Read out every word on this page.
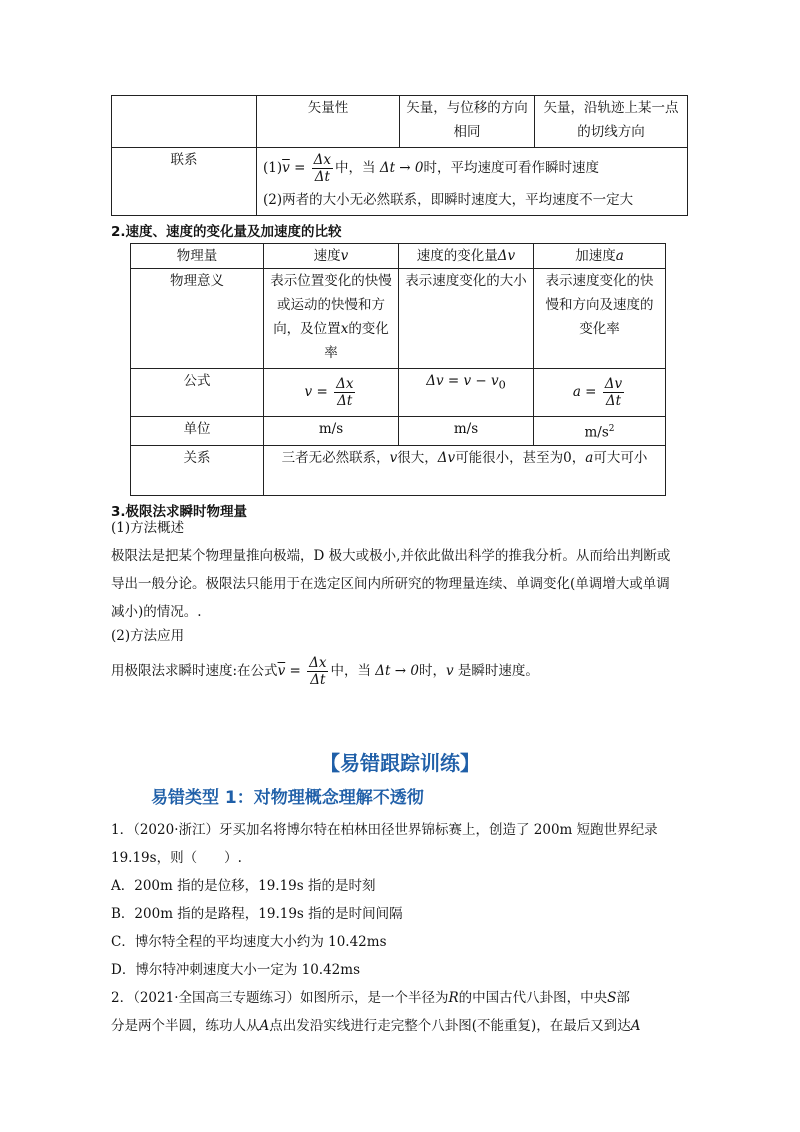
	矢量性	矢量，与位移的方向相同	矢量，沿轨迹上某一点的切线方向
联系	$(1)\overline{v} = \frac{\Delta x}{\Delta t}$ 中，当 Δt → 0时，平均速度可看作瞬时速度
(2)两者的大小无必然联系，即瞬时速度大，平均速度不一定大		
2.速度、速度的变化量及加速度的比较
物理量	速度v	速度的变化量Δv	加速度a
物理意义	表示位置变化的快慢或运动的快慢和方向，及位置x的变化率	表示速度变化的大小	表示速度变化的快慢和方向及速度的变化率
公式	$v = \frac{\Delta x}{\Delta t}$	$\Delta v = v - v_0$	$a = \frac{\Delta v}{\Delta t}$

单位	m/s	m/s	$m/s^2$
关系	三者无必然联系，v很大，Δv可能很小，甚至为0，a可大可小		
3.极限法求瞬时物理量
(1)方法概述
极限法是把某个物理量推向极端，D 极大或极小,并依此做出科学的推我分析。从而给出判断或导出一般分论。极限法只能用于在选定区间内所研究的物理量连续、单调变化(单调增大或单调减小)的情况。.
(2)方法应用
用极限法求瞬时速度:在公式$\overline{v} = \frac{\Delta x}{\Delta t}$ 中，当 Δt → 0时，v 是瞬时速度。
【易错跟踪训练】
易错类型 1：对物理概念理解不透彻
1．（2020·浙江）牙买加名将博尔特在柏林田径世界锦标赛上，创造了 200m 短跑世界纪录
19.19s，则（　　）.
A．200m 指的是位移，19.19s 指的是时刻
B．200m 指的是路程，19.19s 指的是时间间隔
C．博尔特全程的平均速度大小约为 10.42ms
D．博尔特冲刺速度大小一定为 10.42ms
2．（2021·全国高三专题练习）如图所示，是一个半径为R的中国古代八卦图，中央S部
分是两个半圆，练功人从A点出发沿实线进行走完整个八卦图(不能重复)，在最后又到达A
